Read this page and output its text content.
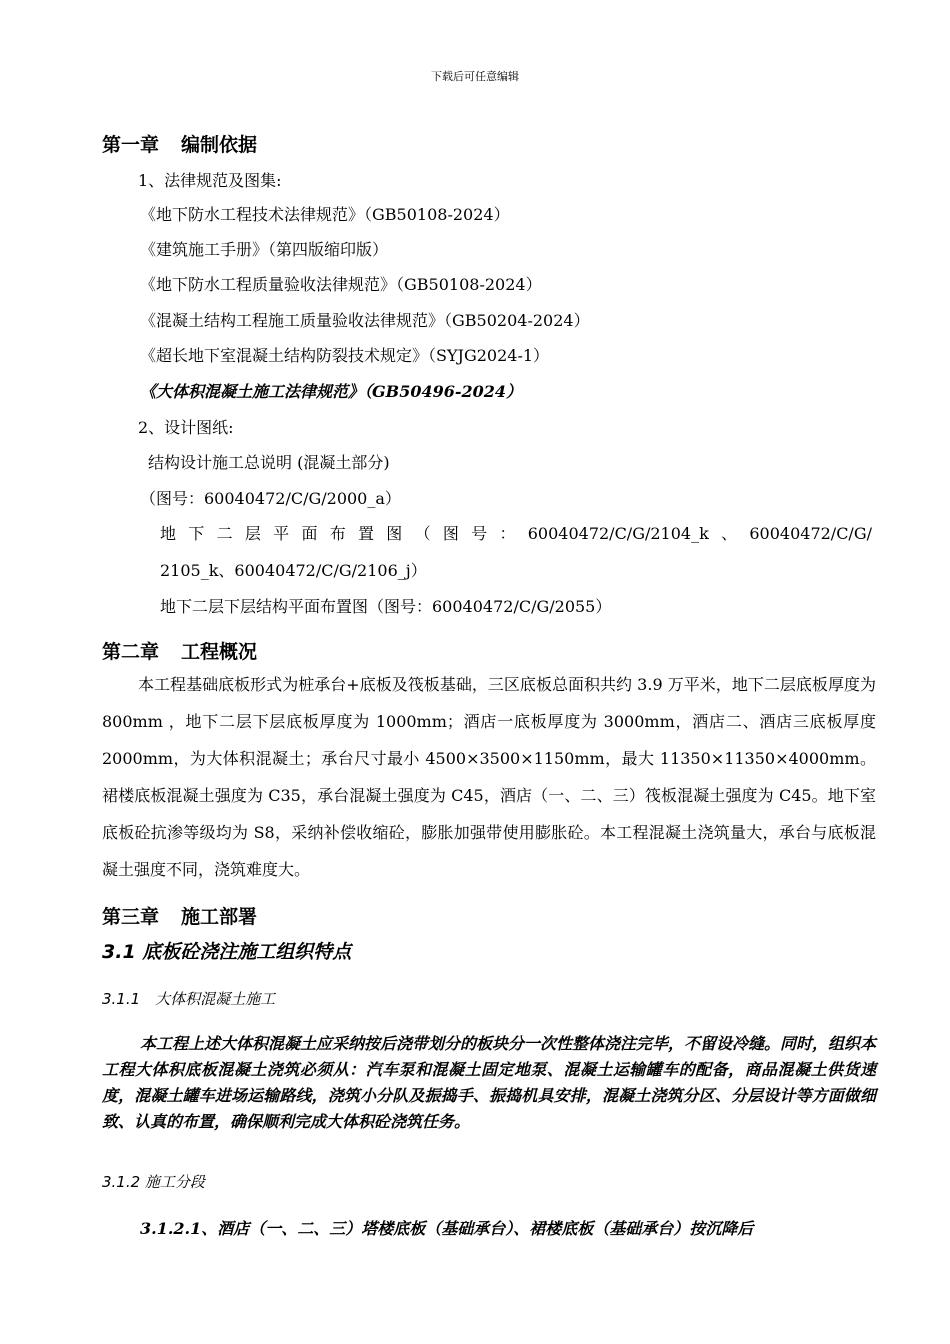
下载后可任意编辑
第一章 编制依据
1、法律规范及图集:
《地下防水工程技术法律规范》（GB50108-2024）
《建筑施工手册》（第四版缩印版）
《地下防水工程质量验收法律规范》（GB50108-2024）
《混凝土结构工程施工质量验收法律规范》（GB50204-2024）
《超长地下室混凝土结构防裂技术规定》（SYJG2024-1）
《大体积混凝土施工法律规范》（GB50496-2024）
2、设计图纸:
结构设计施工总说明 (混凝土部分)
（图号：60040472/C/G/2000_a）
地下二层平面布置图（图号：60040472/C/G/2104_k、60040472/C/G/
2105_k、60040472/C/G/2106_j）
地下二层下层结构平面布置图（图号：60040472/C/G/2055）
第二章 工程概况
本工程基础底板形式为桩承台+底板及筏板基础，三区底板总面积共约 3.9 万平米，地下二层底板厚度为 800mm ，地下二层下层底板厚度为 1000mm；酒店一底板厚度为 3000mm，酒店二、酒店三底板厚度 2000mm，为大体积混凝土；承台尺寸最小 4500×3500×1150mm，最大 11350×11350×4000mm。裙楼底板混凝土强度为 C35，承台混凝土强度为 C45，酒店（一、二、三）筏板混凝土强度为 C45。地下室底板砼抗渗等级均为 S8，采纳补偿收缩砼，膨胀加强带使用膨胀砼。本工程混凝土浇筑量大，承台与底板混凝土强度不同，浇筑难度大。
第三章 施工部署
3.1 底板砼浇注施工组织特点
3.1.1　大体积混凝土施工
本工程上述大体积混凝土应采纳按后浇带划分的板块分一次性整体浇注完毕，不留设冷缝。同时，组织本工程大体积底板混凝土浇筑必须从：汽车泵和混凝土固定地泵、混凝土运输罐车的配备，商品混凝土供货速度，混凝土罐车进场运输路线，浇筑小分队及振捣手、振捣机具安排，混凝土浇筑分区、分层设计等方面做细致、认真的布置，确保顺利完成大体积砼浇筑任务。
3.1.2 施工分段
3.1.2.1、酒店（一、二、三）塔楼底板（基础承台）、裙楼底板（基础承台）按沉降后
